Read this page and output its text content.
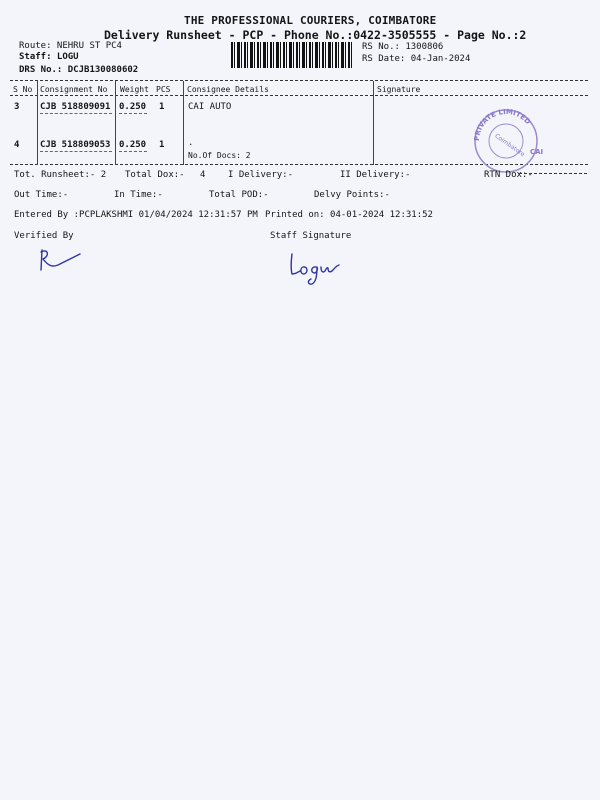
THE PROFESSIONAL COURIERS, COIMBATORE
Delivery Runsheet - PCP - Phone No.:0422-3505555 - Page No.:2
Route: NEHRU ST PC4
Staff: LOGU
DRS No.: DCJB130080602
RS No.: 1300806
RS Date: 04-Jan-2024
S No Consignment No Weight PCS Consignee Details	Signature
3 CJB 518809091 0.250 1	CAI AUTO
4 CJB 518809053 0.250 1	.
No.Of Docs: 2
PRIVATE LIMITED
Coimbatore CAI
Tot. Runsheet:- 2 Total Dox:- 4	I Delivery:-	II Delivery:-	RTN Dox:-
Out Time:-	In Time:-	Total POD:-	Delvy Points:-
Entered By :PCPLAKSHMI 01/04/2024 12:31:57 PM Printed on: 04-01-2024 12:31:52
Verified By	Staff Signature
